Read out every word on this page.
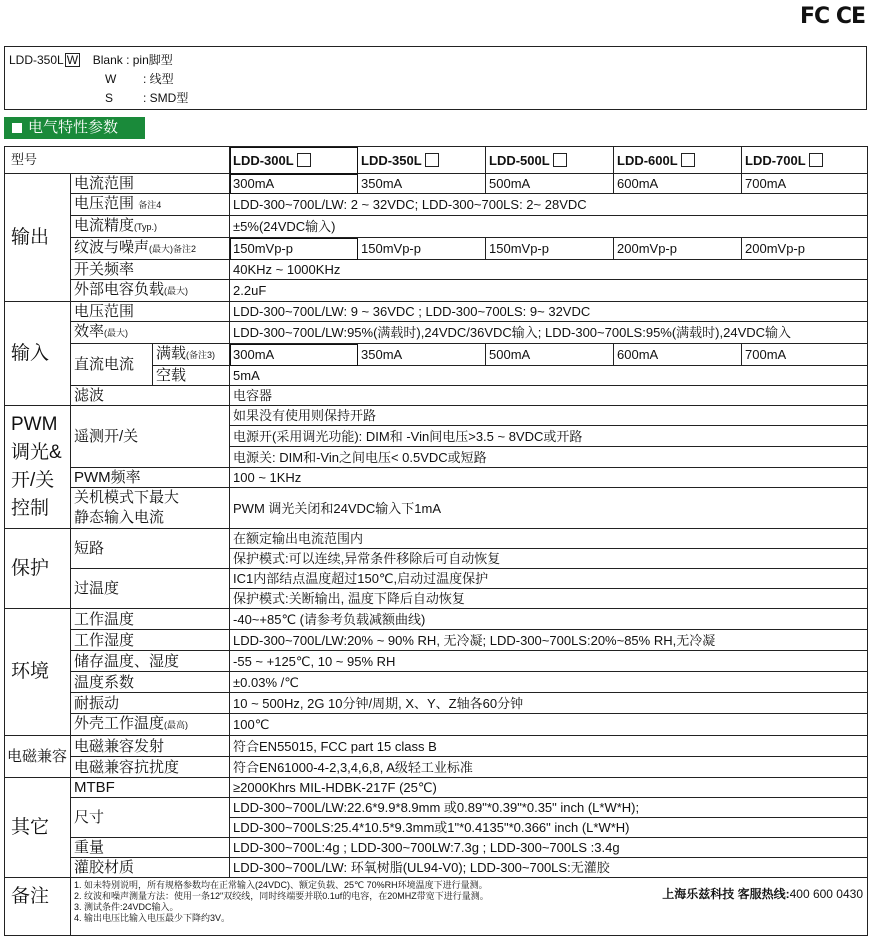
FC CE
LDD-350L W Blank : pin脚型
W : 线型
S : SMD型
电气特性参数
型号			LDD-300L	LDD-350L	LDD-500L	LDD-600L	LDD-700L
输出	电流范围		300mA	350mA	500mA	600mA	700mA
	电压范围 备注4		LDD-300~700L/LW: 2 ~ 32VDC; LDD-300~700LS: 2~ 28VDC				
	电流精度(Typ.)		±5%(24VDC输入)				
	纹波与噪声(最大)备注2		150mVp-p	150mVp-p	150mVp-p	200mVp-p	200mVp-p
	开关频率		40KHz ~ 1000KHz				
	外部电容负载(最大)		2.2uF				
输入	电压范围		LDD-300~700L/LW: 9 ~ 36VDC ; LDD-300~700LS: 9~ 32VDC				
	效率(最大)		LDD-300~700L/LW:95%(满载时),24VDC/36VDC输入; LDD-300~700LS:95%(满载时),24VDC输入				
	直流电流	满载(备注3)	300mA	350mA	500mA	600mA	700mA
		空载	5mA				
	滤波		电容器				
PWM
调光&
开/关
控制	遥测开/关		如果没有使用则保持开路				
			电源开(采用调光功能): DIM和 -Vin间电压>3.5 ~ 8VDC或开路				
			电源关: DIM和-Vin之间电压< 0.5VDC或短路				
	PWM频率		100 ~ 1KHz				
	关机模式下最大
静态输入电流		PWM 调光关闭和24VDC输入下1mA				

保护	短路		在额定输出电流范围内				
			保护模式:可以连续,异常条件移除后可自动恢复				
	过温度		IC1内部结点温度超过150℃,启动过温度保护				
			保护模式:关断输出, 温度下降后自动恢复				
环境	工作温度		-40~+85℃ (请参考负载减额曲线)				
	工作湿度		LDD-300~700L/LW:20% ~ 90% RH, 无冷凝; LDD-300~700LS:20%~85% RH,无冷凝				
	储存温度、湿度		-55 ~ +125℃, 10 ~ 95% RH				
	温度系数		±0.03% /℃				
	耐振动		10 ~ 500Hz, 2G 10分钟/周期, X、Y、Z轴各60分钟				
	外壳工作温度(最高)		100℃				
电磁兼容	电磁兼容发射		符合EN55015, FCC part 15 class B				
	电磁兼容抗扰度		符合EN61000-4-2,3,4,6,8, A级轻工业标准				
其它	MTBF		≥2000Khrs MIL-HDBK-217F (25℃)				
	尺寸		LDD-300~700L/LW:22.6*9.9*8.9mm 或0.89"*0.39"*0.35" inch (L*W*H);				
			LDD-300~700LS:25.4*10.5*9.3mm或1"*0.4135"*0.366" inch (L*W*H)				
	重量		LDD-300~700L:4g ; LDD-300~700LW:7.3g ; LDD-300~700LS :3.4g				
	灌胶材质		LDD-300~700L/LW: 环氧树脂(UL94-V0); LDD-300~700LS:无灌胶				
备注	1. 如未特别说明，所有规格参数均在正常输入(24VDC)、额定负载、25℃ 70%RH环境温度下进行量测。
2. 纹波和噪声测量方法：使用一条12"双绞线，同时终端要并联0.1uf的电容，在20MHZ带宽下进行量测。
3. 测试条件:24VDC输入。
4. 输出电压比输入电压最少下降约3V。						
上海乐兹科技 客服热线:400 600 0430
